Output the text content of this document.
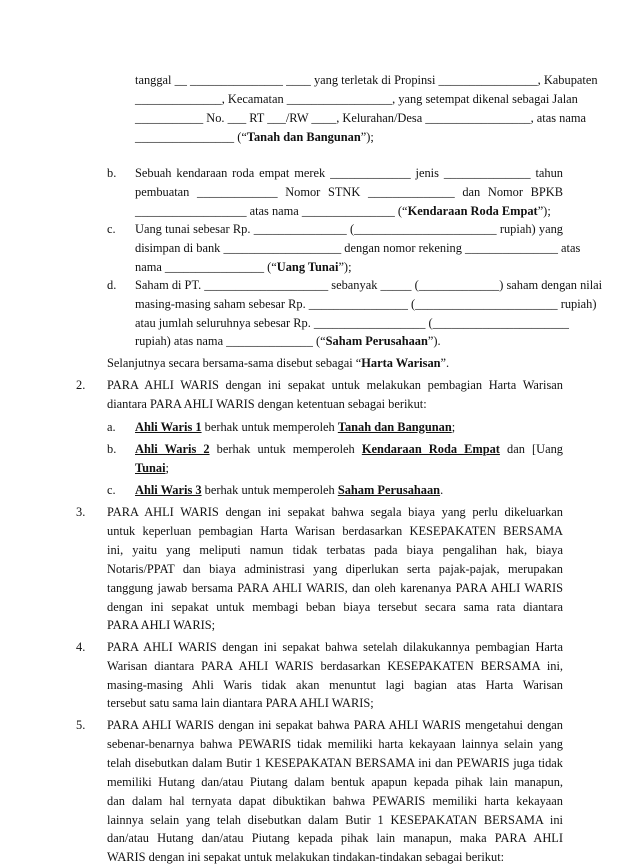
tanggal __ _______________ ____ yang terletak di Propinsi ________________, Kabupaten
______________, Kecamatan _________________, yang setempat dikenal sebagai Jalan
___________ No. ___ RT ___/RW ____, Kelurahan/Desa _________________, atas nama
________________ (“Tanah dan Bangunan”);
b. Sebuah kendaraan roda empat merek _____________ jenis ______________ tahun
pembuatan _____________ Nomor STNK ______________ dan Nomor BPKB
__________________ atas nama _______________ (“Kendaraan Roda Empat”);
c. Uang tunai sebesar Rp. _______________ (_______________________ rupiah) yang
disimpan di bank ___________________ dengan nomor rekening _______________ atas
nama ________________ (“Uang Tunai”);
d. Saham di PT. ____________________ sebanyak _____ (_____________) saham dengan nilai
masing-masing saham sebesar Rp. ________________ (_______________________ rupiah)
atau jumlah seluruhnya sebesar Rp. __________________ (______________________
rupiah) atas nama ______________ (“Saham Perusahaan”).
Selanjutnya secara bersama-sama disebut sebagai “Harta Warisan”.
2. PARA AHLI WARIS dengan ini sepakat untuk melakukan pembagian Harta Warisan
diantara PARA AHLI WARIS dengan ketentuan sebagai berikut:
a. Ahli Waris 1 berhak untuk memperoleh Tanah dan Bangunan;
b. Ahli Waris 2 berhak untuk memperoleh Kendaraan Roda Empat dan [Uang
Tunai;
c. Ahli Waris 3 berhak untuk memperoleh Saham Perusahaan.
3. PARA AHLI WARIS dengan ini sepakat bahwa segala biaya yang perlu dikeluarkan
untuk keperluan pembagian Harta Warisan berdasarkan KESEPAKATEN BERSAMA
ini, yaitu yang meliputi namun tidak terbatas pada biaya pengalihan hak, biaya
Notaris/PPAT dan biaya administrasi yang diperlukan serta pajak-pajak, merupakan
tanggung jawab bersama PARA AHLI WARIS, dan oleh karenanya PARA AHLI WARIS
dengan ini sepakat untuk membagi beban biaya tersebut secara sama rata diantara
PARA AHLI WARIS;
4. PARA AHLI WARIS dengan ini sepakat bahwa setelah dilakukannya pembagian Harta
Warisan diantara PARA AHLI WARIS berdasarkan KESEPAKATEN BERSAMA ini,
masing-masing Ahli Waris tidak akan menuntut lagi bagian atas Harta Warisan
tersebut satu sama lain diantara PARA AHLI WARIS;
5. PARA AHLI WARIS dengan ini sepakat bahwa PARA AHLI WARIS mengetahui dengan
sebenar-benarnya bahwa PEWARIS tidak memiliki harta kekayaan lainnya selain yang
telah disebutkan dalam Butir 1 KESEPAKATAN BERSAMA ini dan PEWARIS juga tidak
memiliki Hutang dan/atau Piutang dalam bentuk apapun kepada pihak lain manapun,
dan dalam hal ternyata dapat dibuktikan bahwa PEWARIS memiliki harta kekayaan
lainnya selain yang telah disebutkan dalam Butir 1 KESEPAKATAN BERSAMA ini
dan/atau Hutang dan/atau Piutang kepada pihak lain manapun, maka PARA AHLI
WARIS dengan ini sepakat untuk melakukan tindakan-tindakan sebagai berikut:
